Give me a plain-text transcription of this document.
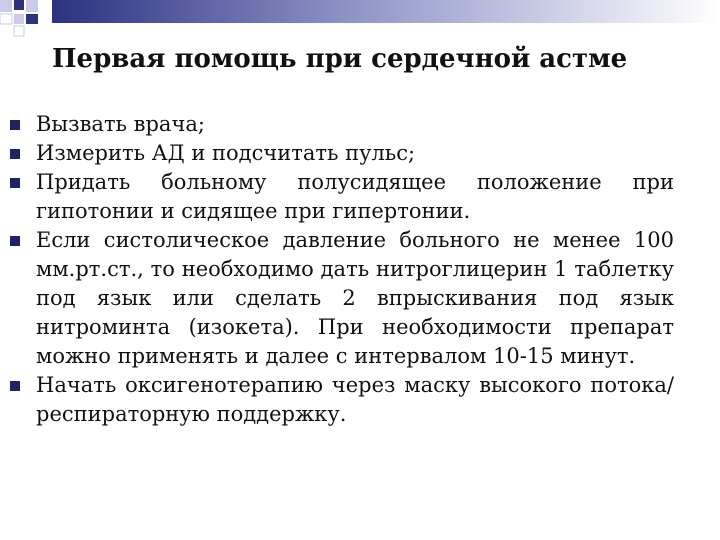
Первая помощь при сердечной астме
Вызвать врача;
Измерить АД и подсчитать пульс;
Придать больному полусидящее положение при гипотонии и сидящее при гипертонии.
Если систолическое давление больного не менее 100 мм.рт.ст., то необходимо дать нитроглицерин 1 таблетку под язык или сделать 2 впрыскивания под язык нитроминта (изокета). При необходимости препарат можно применять и далее с интервалом 10-15 минут.
Начать оксигенотерапию через маску высокого потока/ респираторную поддержку.
